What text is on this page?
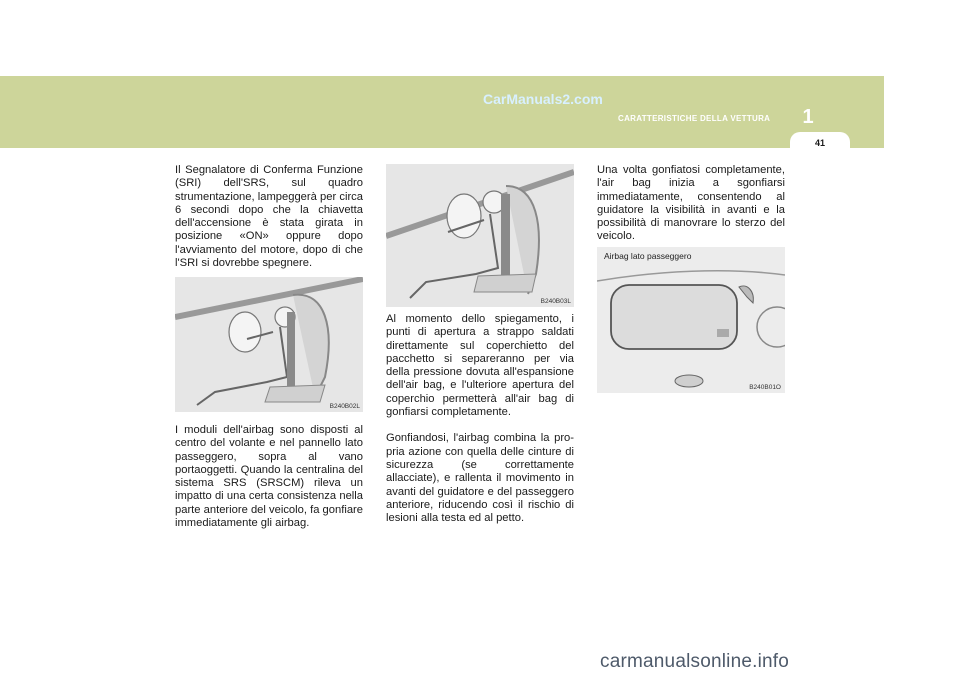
CarManuals2.com
CARATTERISTICHE DELLA VETTURA	1
41

Il Segnalatore di Conferma Funzione (SRI) dell'SRS, sul quadro strumentazione, lampeggerà per circa 6 secondi dopo che la chiavetta dell'accensione è stata girata in posizione «ON» oppure dopo l'avviamento del motore, dopo di che l'SRI si dovrebbe spegnere.

B240B02L

I moduli dell'airbag sono disposti al centro del volante e nel pannello lato passeggero, sopra al vano portaoggetti. Quando la centralina del sistema SRS (SRSCM) rileva un impatto di una certa consistenza nella parte anteriore del veicolo, fa gonfiare immediatamente gli airbag.

B240B03L

Al momento dello spiegamento, i punti di apertura a strappo saldati direttamente sul coperchietto del pacchetto si separeranno per via della pressione dovuta all'espansione dell'air bag, e l'ulteriore apertura del coperchio permetterà all'air bag di gonfiarsi completamente.

Gonfiandosi, l'airbag combina la pro-pria azione con quella delle cinture di sicurezza (se correttamente allacciate), e rallenta il movimento in avanti del guidatore e del passeggero anteriore, riducendo così il rischio di lesioni alla testa ed al petto.

Una volta gonfiatosi completamente, l'air bag inizia a sgonfiarsi immediatamente, consentendo al guidatore la visibilità in avanti e la possibilità di manovrare lo sterzo del veicolo.

Airbag lato passeggero
B240B01O
carmanualsonline.info
